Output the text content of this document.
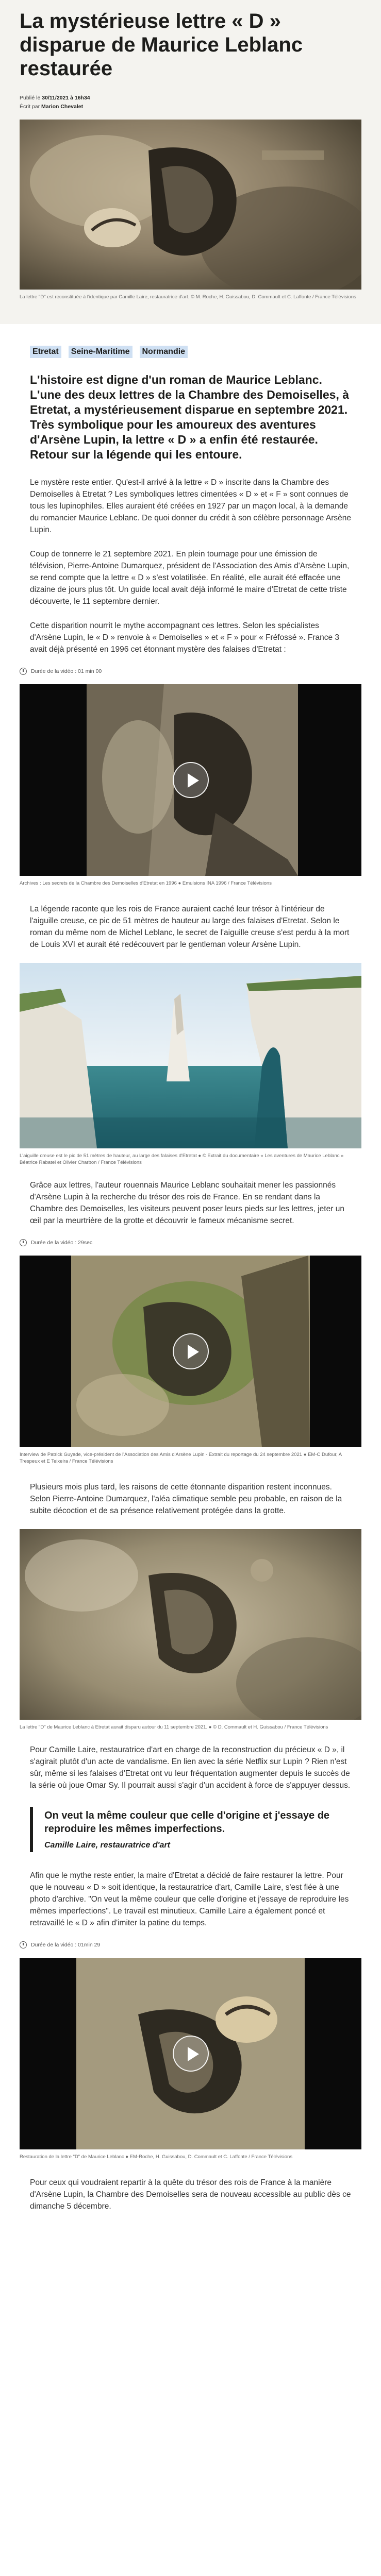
La mystérieuse lettre « D » disparue de Maurice Leblanc restaurée
Publié le 30/11/2021 à 16h34
Écrit par Marion Chevalet

La lettre "D" est reconstituée à l'identique par Camille Laire, restauratrice d'art. © M. Roche, H. Guissabou, D. Commault et C. Laffonte / France Télévisions

Etretat	Seine-Maritime	Normandie

L'histoire est digne d'un roman de Maurice Leblanc. L'une des deux lettres de la Chambre des Demoiselles, à Etretat, a mystérieusement disparue en septembre 2021. Très symbolique pour les amoureux des aventures d'Arsène Lupin, la lettre « D » a enfin été restaurée. Retour sur la légende qui les entoure.

Le mystère reste entier. Qu'est-il arrivé à la lettre « D » inscrite dans la Chambre des Demoiselles à Etretat ? Les symboliques lettres cimentées « D » et « F » sont connues de tous les lupinophiles. Elles auraient été créées en 1927 par un maçon local, à la demande du romancier Maurice Leblanc. De quoi donner du crédit à son célèbre personnage Arsène Lupin.

Coup de tonnerre le 21 septembre 2021. En plein tournage pour une émission de télévision, Pierre-Antoine Dumarquez, président de l'Association des Amis d'Arsène Lupin, se rend compte que la lettre « D » s'est volatilisée. En réalité, elle aurait été effacée une dizaine de jours plus tôt. Un guide local avait déjà informé le maire d'Etretat de cette triste découverte, le 11 septembre dernier.

Cette disparition nourrit le mythe accompagnant ces lettres. Selon les spécialistes d'Arsène Lupin, le « D » renvoie à « Demoiselles » et « F » pour « Fréfossé ». France 3 avait déjà présenté en 1996 cet étonnant mystère des falaises d'Etretat :

Durée de la vidéo : 01 min 00

Archives : Les secrets de la Chambre des Demoiselles d'Etretat en 1996 ● Emulsions INA 1996 / France Télévisions

La légende raconte que les rois de France auraient caché leur trésor à l'intérieur de l'aiguille creuse, ce pic de 51 mètres de hauteur au large des falaises d'Etretat. Selon le roman du même nom de Michel Leblanc, le secret de l'aiguille creuse s'est perdu à la mort de Louis XVI et aurait été redécouvert par le gentleman voleur Arsène Lupin.

L'aiguille creuse est le pic de 51 mètres de hauteur, au large des falaises d'Etretat ● © Extrait du documentaire « Les aventures de Maurice Leblanc » Béatrice Rabatel et Olivier Charbon / France Télévisions

Grâce aux lettres, l'auteur rouennais Maurice Leblanc souhaitait mener les passionnés d'Arsène Lupin à la recherche du trésor des rois de France. En se rendant dans la Chambre des Demoiselles, les visiteurs peuvent poser leurs pieds sur les lettres, jeter un œil par la meurtrière de la grotte et découvrir le fameux mécanisme secret.

Durée de la vidéo : 29sec

Interview de Patrick Guyade, vice-président de l'Association des Amis d'Arsène Lupin - Extrait du reportage du 24 septembre 2021 ● EM-C Dufour, A Trespeux et E Teixeira / France Télévisions

Plusieurs mois plus tard, les raisons de cette étonnante disparition restent inconnues. Selon Pierre-Antoine Dumarquez, l'aléa climatique semble peu probable, en raison de la subite décoction et de sa présence relativement protégée dans la grotte.

La lettre "D" de Maurice Leblanc à Etretat aurait disparu autour du 11 septembre 2021. ● © D. Commault et H. Guissabou / France Télévisions

Pour Camille Laire, restauratrice d'art en charge de la reconstruction du précieux « D », il s'agirait plutôt d'un acte de vandalisme. En lien avec la série Netflix sur Lupin ? Rien n'est sûr, même si les falaises d'Etretat ont vu leur fréquentation augmenter depuis le succès de la série où joue Omar Sy. Il pourrait aussi s'agir d'un accident à force de s'appuyer dessus.

On veut la même couleur que celle d'origine et j'essaye de reproduire les mêmes imperfections.

Camille Laire, restauratrice d'art

Afin que le mythe reste entier, la maire d'Etretat a décidé de faire restaurer la lettre. Pour que le nouveau « D » soit identique, la restauratrice d'art, Camille Laire, s'est fiée à une photo d'archive. "On veut la même couleur que celle d'origine et j'essaye de reproduire les mêmes imperfections". Le travail est minutieux. Camille Laire a également poncé et retravaillé le « D » afin d'imiter la patine du temps.

Durée de la vidéo : 01min 29

Restauration de la lettre "D" de Maurice Leblanc ● EM-Roche, H. Guissabou, D. Commault et C. Laffonte / France Télévisions

Pour ceux qui voudraient repartir à la quête du trésor des rois de France à la manière d'Arsène Lupin, la Chambre des Demoiselles sera de nouveau accessible au public dès ce dimanche 5 décembre.
